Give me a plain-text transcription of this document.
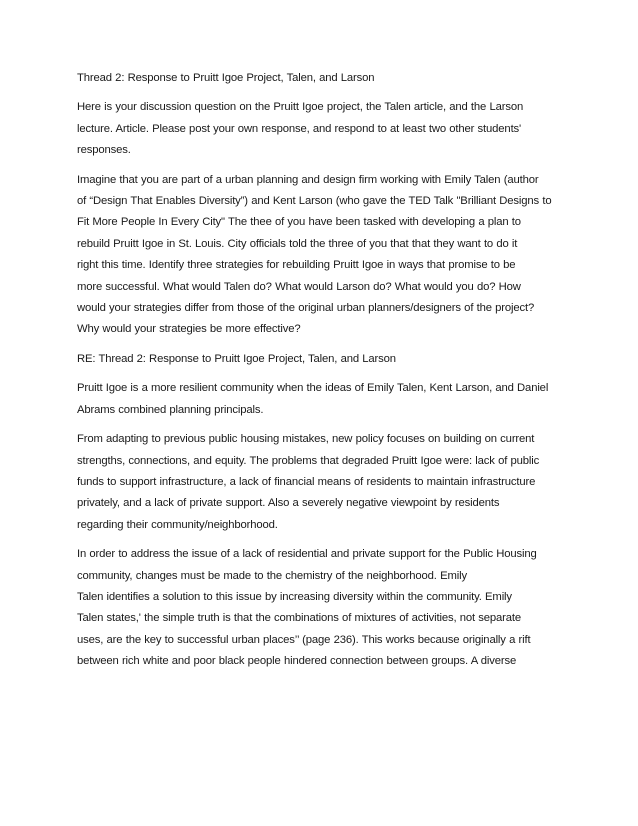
Thread 2: Response to Pruitt Igoe Project, Talen, and Larson

Here is your discussion question on the Pruitt Igoe project, the Talen article, and the Larson
lecture. Article. Please post your own response, and respond to at least two other students'
responses.

Imagine that you are part of a urban planning and design firm working with Emily Talen (author
of “Design That Enables Diversity”) and Kent Larson (who gave the TED Talk "Brilliant Designs to
Fit More People In Every City" The thee of you have been tasked with developing a plan to
rebuild Pruitt Igoe in St. Louis. City officials told the three of you that that they want to do it
right this time. Identify three strategies for rebuilding Pruitt Igoe in ways that promise to be
more successful. What would Talen do? What would Larson do? What would you do? How
would your strategies differ from those of the original urban planners/designers of the project?
Why would your strategies be more effective?

RE: Thread 2: Response to Pruitt Igoe Project, Talen, and Larson

Pruitt Igoe is a more resilient community when the ideas of Emily Talen, Kent Larson, and Daniel
Abrams combined planning principals.

From adapting to previous public housing mistakes, new policy focuses on building on current
strengths, connections, and equity. The problems that degraded Pruitt Igoe were: lack of public
funds to support infrastructure, a lack of financial means of residents to maintain infrastructure
privately, and a lack of private support. Also a severely negative viewpoint by residents
regarding their community/neighborhood.

In order to address the issue of a lack of residential and private support for the Public Housing
community, changes must be made to the chemistry of the neighborhood. Emily
Talen identifies a solution to this issue by increasing diversity within the community. Emily
Talen states,' the simple truth is that the combinations of mixtures of activities, not separate
uses, are the key to successful urban places’’ (page 236). This works because originally a rift
between rich white and poor black people hindered connection between groups. A diverse
